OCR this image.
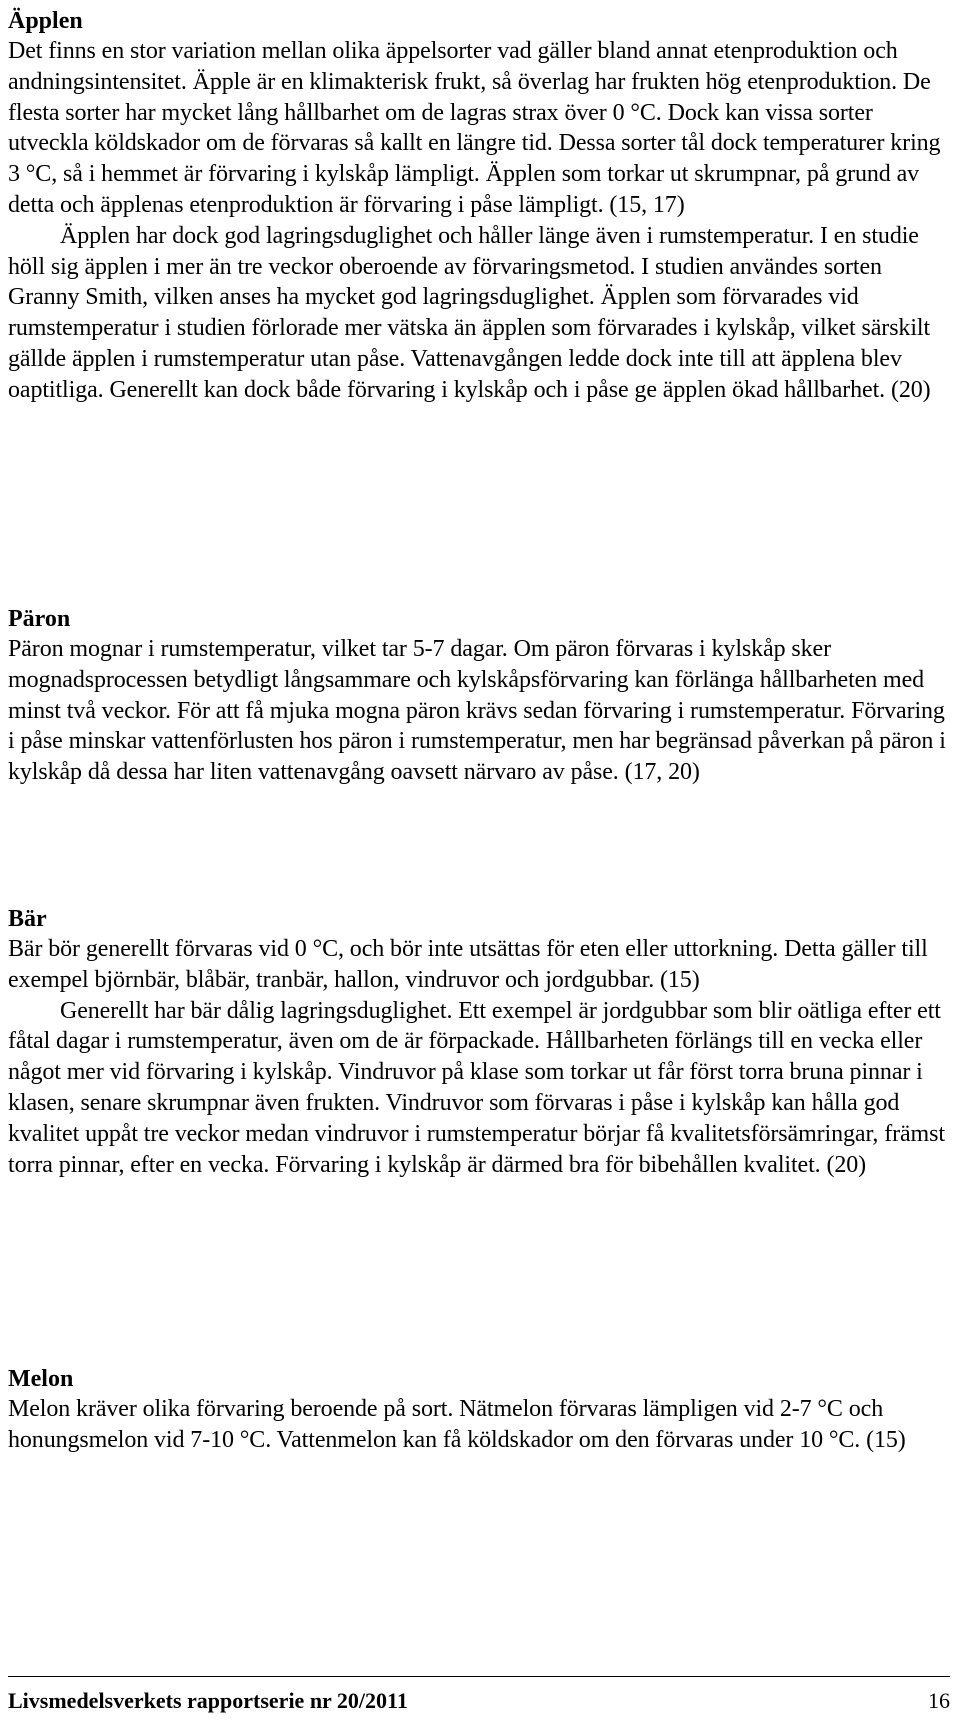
Äpplen

Det finns en stor variation mellan olika äppelsorter vad gäller bland annat etenproduktion och andningsintensitet. Äpple är en klimakterisk frukt, så överlag har frukten hög etenproduktion. De flesta sorter har mycket lång hållbarhet om de lagras strax över 0 °C. Dock kan vissa sorter utveckla köldskador om de förvaras så kallt en längre tid. Dessa sorter tål dock temperaturer kring 3 °C, så i hemmet är förvaring i kylskåp lämpligt. Äpplen som torkar ut skrumpnar, på grund av detta och äpplenas etenproduktion är förvaring i påse lämpligt. (15, 17)

Äpplen har dock god lagringsduglighet och håller länge även i rumstemperatur. I en studie höll sig äpplen i mer än tre veckor oberoende av förvaringsmetod. I studien användes sorten Granny Smith, vilken anses ha mycket god lagringsduglighet. Äpplen som förvarades vid rumstemperatur i studien förlorade mer vätska än äpplen som förvarades i kylskåp, vilket särskilt gällde äpplen i rumstemperatur utan påse. Vattenavgången ledde dock inte till att äpplena blev oaptitliga. Generellt kan dock både förvaring i kylskåp och i påse ge äpplen ökad hållbarhet. (20)

Päron

Päron mognar i rumstemperatur, vilket tar 5-7 dagar. Om päron förvaras i kylskåp sker mognadsprocessen betydligt långsammare och kylskåpsförvaring kan förlänga hållbarheten med minst två veckor. För att få mjuka mogna päron krävs sedan förvaring i rumstemperatur. Förvaring i påse minskar vattenförlusten hos päron i rumstemperatur, men har begränsad påverkan på päron i kylskåp då dessa har liten vattenavgång oavsett närvaro av påse. (17, 20)

Bär

Bär bör generellt förvaras vid 0 °C, och bör inte utsättas för eten eller uttorkning. Detta gäller till exempel björnbär, blåbär, tranbär, hallon, vindruvor och jordgubbar. (15)

Generellt har bär dålig lagringsduglighet. Ett exempel är jordgubbar som blir oätliga efter ett fåtal dagar i rumstemperatur, även om de är förpackade. Hållbarheten förlängs till en vecka eller något mer vid förvaring i kylskåp. Vindruvor på klase som torkar ut får först torra bruna pinnar i klasen, senare skrumpnar även frukten. Vindruvor som förvaras i påse i kylskåp kan hålla god kvalitet uppåt tre veckor medan vindruvor i rumstemperatur börjar få kvalitetsförsämringar, främst torra pinnar, efter en vecka. Förvaring i kylskåp är därmed bra för bibehållen kvalitet. (20)

Melon

Melon kräver olika förvaring beroende på sort. Nätmelon förvaras lämpligen vid 2-7 °C och honungsmelon vid 7-10 °C. Vattenmelon kan få köldskador om den förvaras under 10 °C. (15)

Livsmedelsverkets rapportserie nr 20/2011	16
